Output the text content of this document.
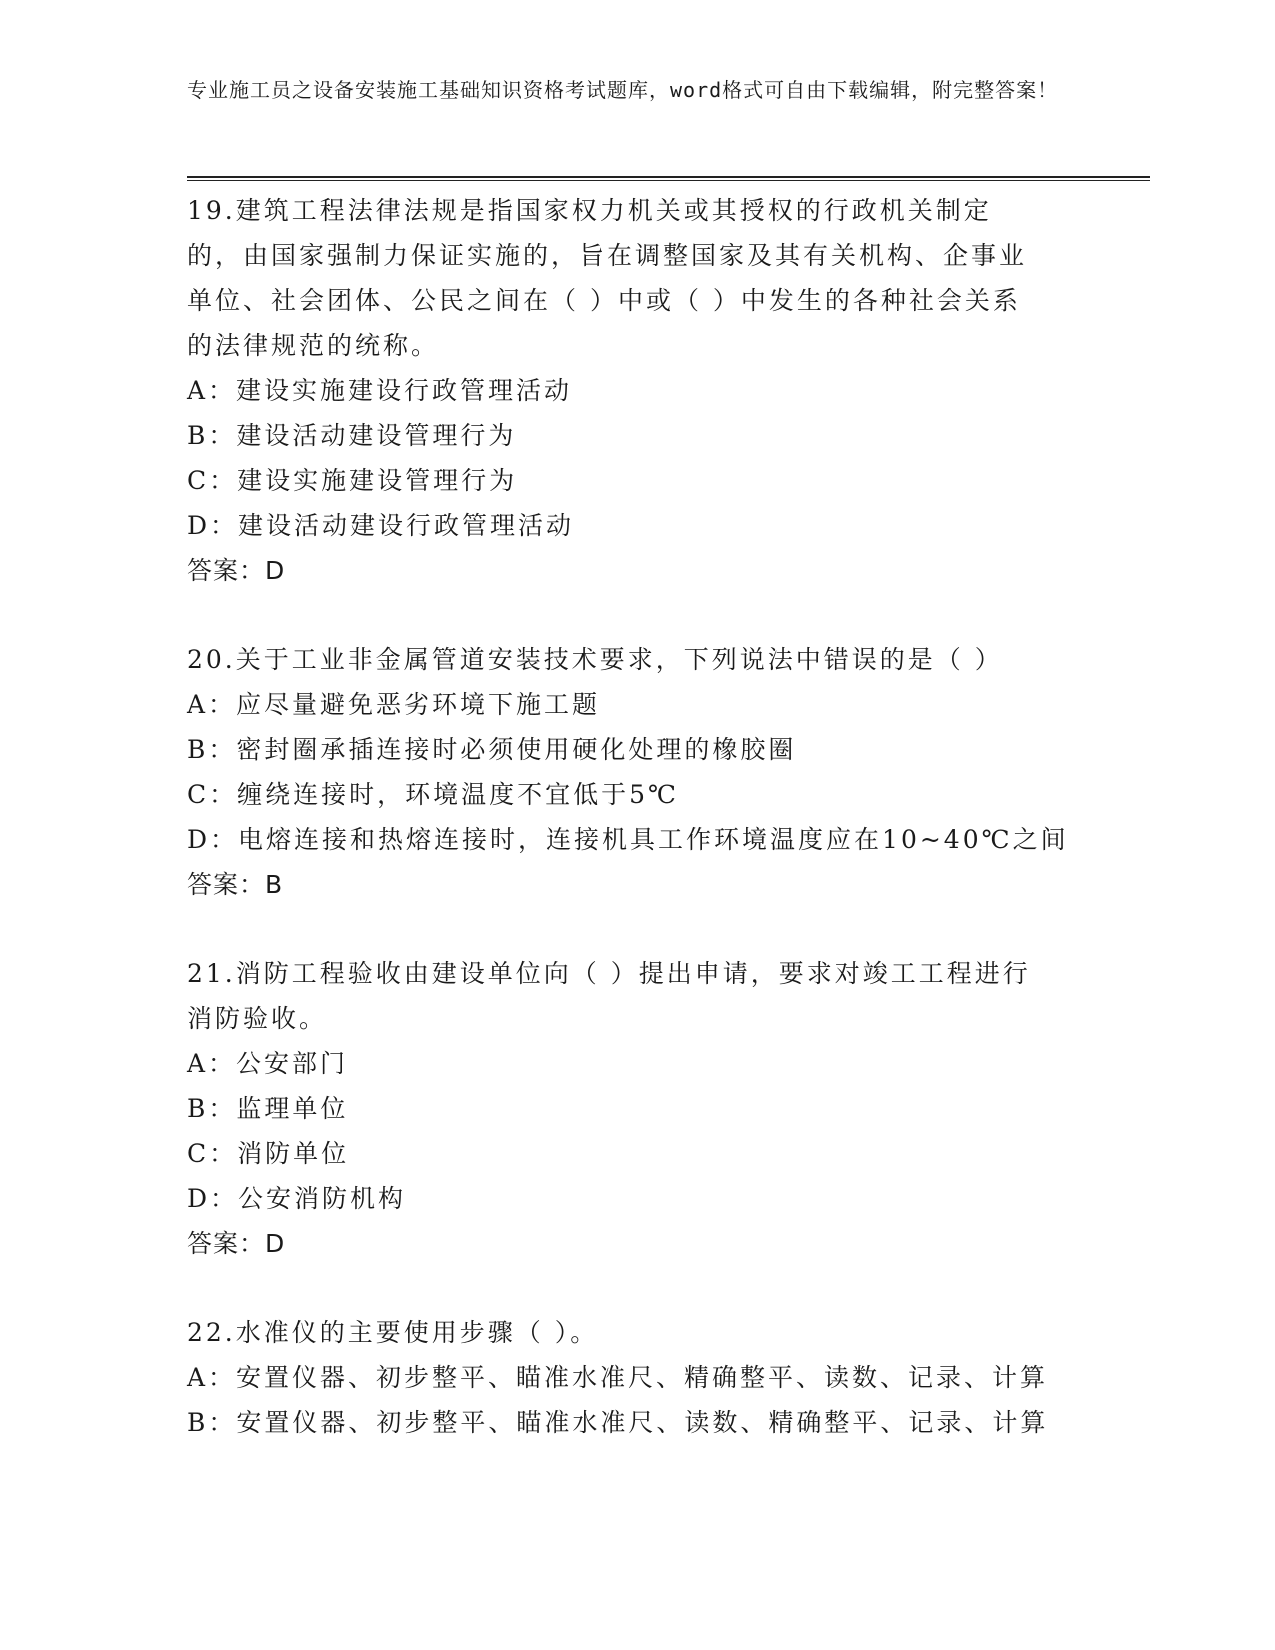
专业施工员之设备安装施工基础知识资格考试题库，word格式可自由下载编辑，附完整答案！

19.建筑工程法律法规是指国家权力机关或其授权的行政机关制定的，由国家强制力保证实施的，旨在调整国家及其有关机构、企事业单位、社会团体、公民之间在（ ）中或（ ）中发生的各种社会关系的法律规范的统称。

A：建设实施建设行政管理活动

B：建设活动建设管理行为

C：建设实施建设管理行为

D：建设活动建设行政管理活动

答案：D

20.关于工业非金属管道安装技术要求，下列说法中错误的是（ ）

A：应尽量避免恶劣环境下施工题

B：密封圈承插连接时必须使用硬化处理的橡胶圈

C：缠绕连接时，环境温度不宜低于5℃

D：电熔连接和热熔连接时，连接机具工作环境温度应在10~40℃之间

答案：B

21.消防工程验收由建设单位向（ ）提出申请，要求对竣工工程进行消防验收。

A：公安部门

B：监理单位

C：消防单位

D：公安消防机构

答案：D

22.水准仪的主要使用步骤（ ）。

A：安置仪器、初步整平、瞄准水准尺、精确整平、读数、记录、计算

B：安置仪器、初步整平、瞄准水准尺、读数、精确整平、记录、计算
